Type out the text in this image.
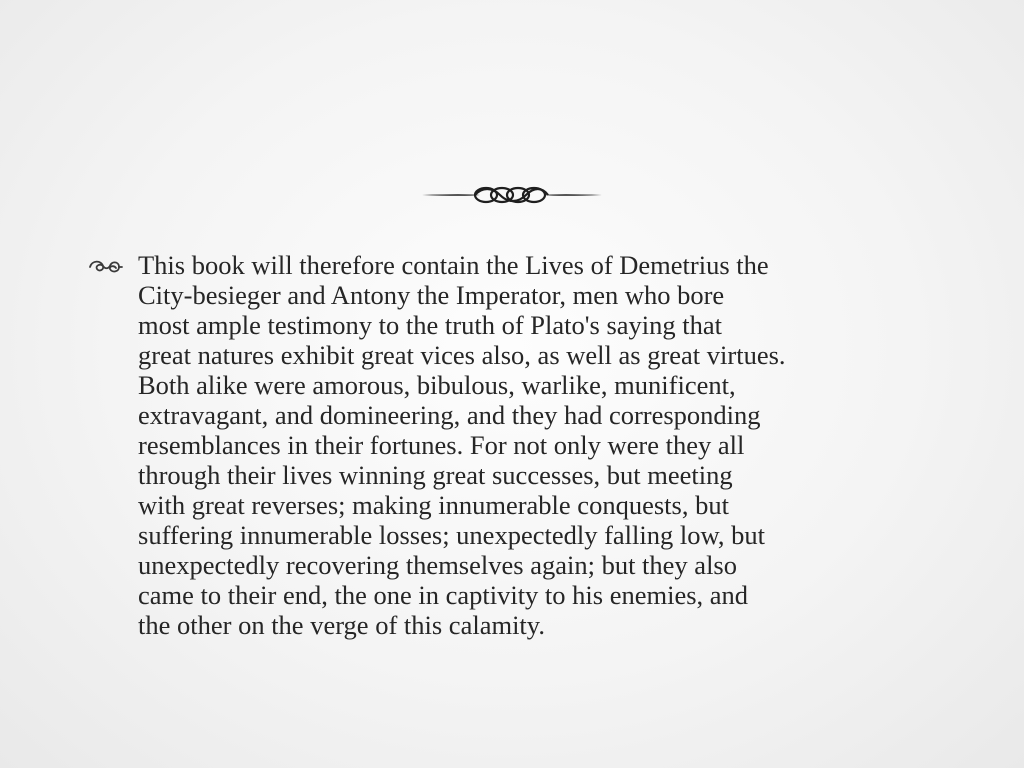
This book will therefore contain the Lives of Demetrius the
City-besieger and Antony the Imperator, men who bore
most ample testimony to the truth of Plato's saying that
great natures exhibit great vices also, as well as great virtues.
Both alike were amorous, bibulous, warlike, munificent,
extravagant, and domineering, and they had corresponding
resemblances in their fortunes. For not only were they all
through their lives winning great successes, but meeting
with great reverses; making innumerable conquests, but
suffering innumerable losses; unexpectedly falling low, but
unexpectedly recovering themselves again; but they also
came to their end, the one in captivity to his enemies, and
the other on the verge of this calamity.
